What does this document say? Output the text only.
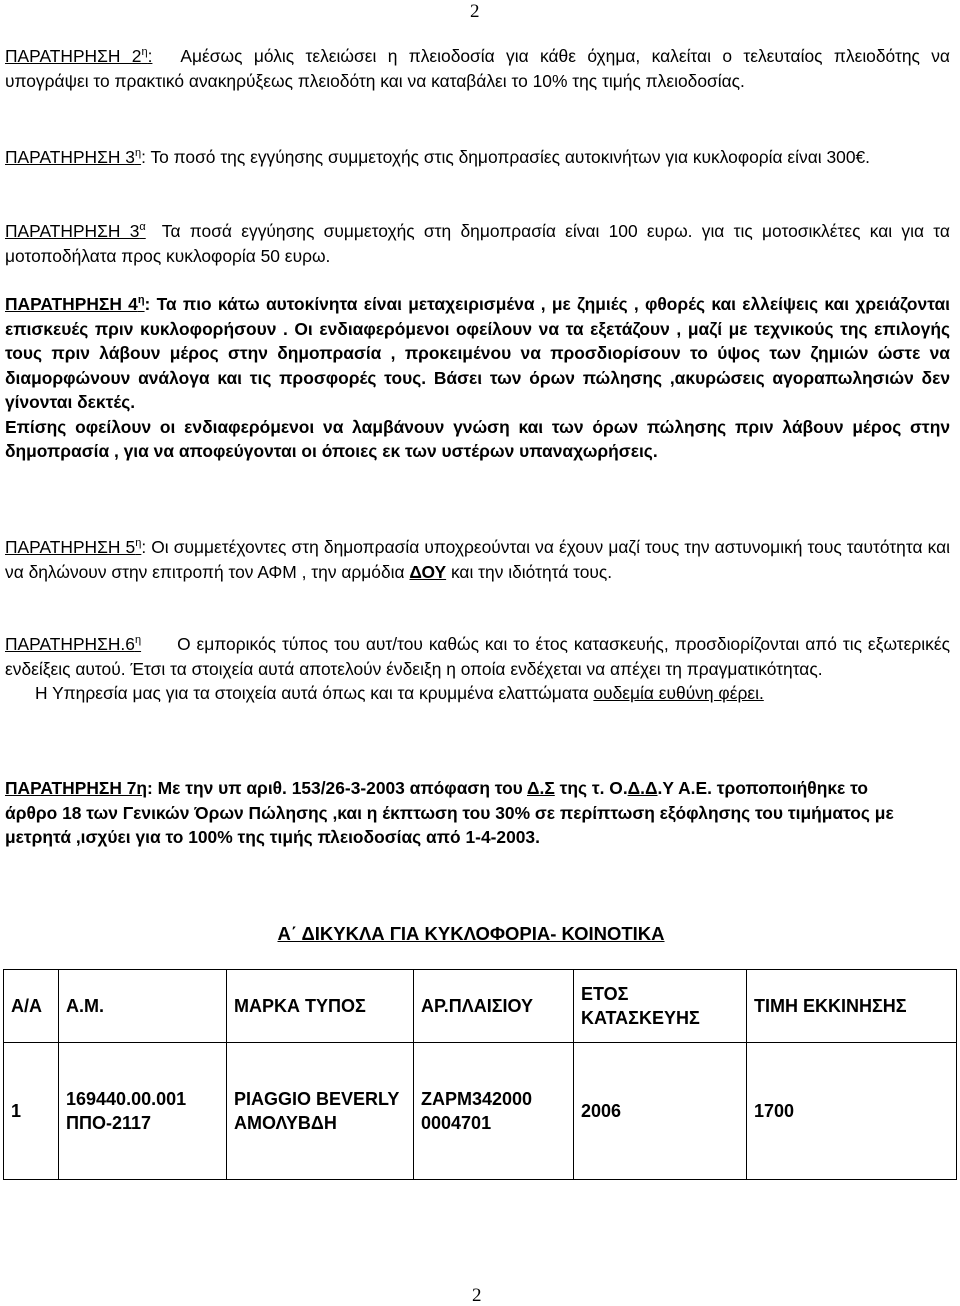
2

ΠΑΡΑΤΗΡΗΣΗ $2^\eta$: Αμέσως μόλις τελειώσει η πλειοδοσία για κάθε όχημα, καλείται ο τελευταίος πλειοδότης να υπογράψει το πρακτικό ανακηρύξεως πλειοδότη και να καταβάλει το 10% της τιμής πλειοδοσίας.

ΠΑΡΑΤΗΡΗΣΗ $3^\eta$: Το ποσό της εγγύησης συμμετοχής στις δημοπρασίες αυτοκινήτων για κυκλοφορία είναι 300€.

ΠΑΡΑΤΗΡΗΣΗ $3^\alpha$ Τα ποσά εγγύησης συμμετοχής στη δημοπρασία είναι 100 ευρω. για τις μοτοσικλέτες και για τα μοτοποδήλατα προς κυκλοφορία 50 ευρω.

ΠΑΡΑΤΗΡΗΣΗ $4^\eta$: Τα πιο κάτω αυτοκίνητα είναι μεταχειρισμένα , με ζημιές , φθορές και ελλείψεις και χρειάζονται επισκευές πριν κυκλοφορήσουν . Οι ενδιαφερόμενοι οφείλουν να τα εξετάζουν , μαζί με τεχνικούς της επιλογής τους πριν λάβουν μέρος στην δημοπρασία , προκειμένου να προσδιορίσουν το ύψος των ζημιών ώστε να διαμορφώνουν ανάλογα και τις προσφορές τους. Βάσει των όρων πώλησης ,ακυρώσεις αγοραπωλησιών δεν γίνονται δεκτές.
Επίσης οφείλουν οι ενδιαφερόμενοι να λαμβάνουν γνώση και των όρων πώλησης πριν λάβουν μέρος στην δημοπρασία , για να αποφεύγονται οι όποιες εκ των υστέρων υπαναχωρήσεις.

ΠΑΡΑΤΗΡΗΣΗ $5^\eta$: Οι συμμετέχοντες στη δημοπρασία υποχρεούνται να έχουν μαζί τους την αστυνομική τους ταυτότητα και να δηλώνουν στην επιτροπή τον ΑΦΜ , την αρμόδια ΔΟΥ και την ιδιότητά τους.

$\Pi APATHPH\Sigma H.6^\eta$ Ο εμπορικός τύπος του αυτ/του καθώς και το έτος κατασκευής, προσδιορίζονται από τις εξωτερικές ενδείξεις αυτού. Έτσι τα στοιχεία αυτά αποτελούν ένδειξη η οποία ενδέχεται να απέχει τη πραγματικότητας.
Η Υπηρεσία μας για τα στοιχεία αυτά όπως και τα κρυμμένα ελαττώματα ουδεμία ευθύνη φέρει.

ΠΑΡΑΤΗΡΗΣΗ 7η: Με την υπ αριθ. 153/26-3-2003 απόφαση του Δ.Σ της τ. Ο.Δ.Δ.Υ Α.Ε. τροποποιήθηκε το άρθρο 18 των Γενικών Όρων Πώλησης ,και η έκπτωση του 30% σε περίπτωση εξόφλησης του τιμήματος με μετρητά ,ισχύει για το 100% της τιμής πλειοδοσίας από 1-4-2003.

Α΄ ΔΙΚΥΚΛΑ ΓΙΑ ΚΥΚΛΟΦΟΡΙΑ- ΚΟΙΝΟΤΙΚΑ

Α/Α	Α.Μ.	ΜΑΡΚΑ ΤΥΠΟΣ	ΑΡ.ΠΛΑΙΣΙΟΥ	ΕΤΟΣ ΚΑΤΑΣΚΕΥΗΣ	ΤΙΜΗ ΕΚΚΙΝΗΣΗΣ
1	169440.00.001 ΠΠΟ-2117	PIAGGIO BEVERLY ΑΜΟΛΥΒΔΗ	ZAPM342000 0004701	2006	1700
2
